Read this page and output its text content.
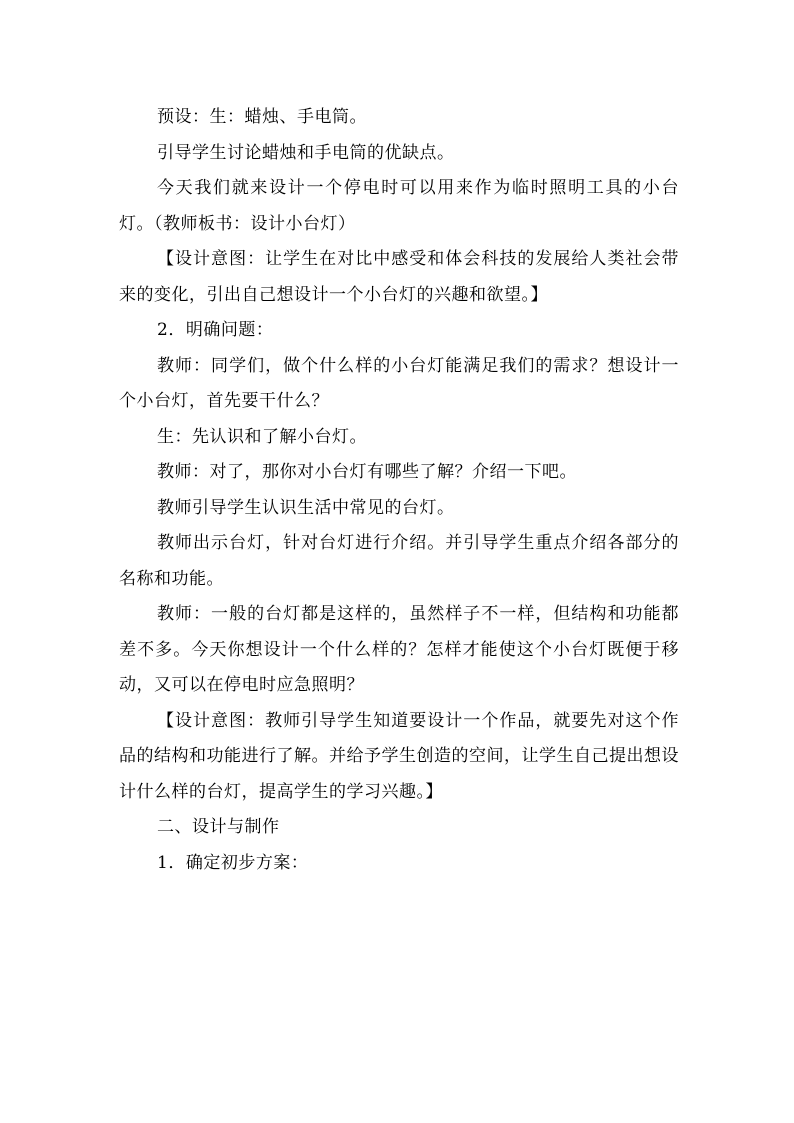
预设：生：蜡烛、手电筒。

引导学生讨论蜡烛和手电筒的优缺点。

今天我们就来设计一个停电时可以用来作为临时照明工具的小台灯。（教师板书：设计小台灯）

【设计意图：让学生在对比中感受和体会科技的发展给人类社会带来的变化，引出自己想设计一个小台灯的兴趣和欲望。】

2．明确问题：

教师：同学们，做个什么样的小台灯能满足我们的需求？想设计一个小台灯，首先要干什么？

生：先认识和了解小台灯。

教师：对了，那你对小台灯有哪些了解？介绍一下吧。

教师引导学生认识生活中常见的台灯。

教师出示台灯，针对台灯进行介绍。并引导学生重点介绍各部分的名称和功能。

教师：一般的台灯都是这样的，虽然样子不一样，但结构和功能都差不多。今天你想设计一个什么样的？怎样才能使这个小台灯既便于移动，又可以在停电时应急照明？

【设计意图：教师引导学生知道要设计一个作品，就要先对这个作品的结构和功能进行了解。并给予学生创造的空间，让学生自己提出想设计什么样的台灯，提高学生的学习兴趣。】

二、设计与制作

1．确定初步方案：
